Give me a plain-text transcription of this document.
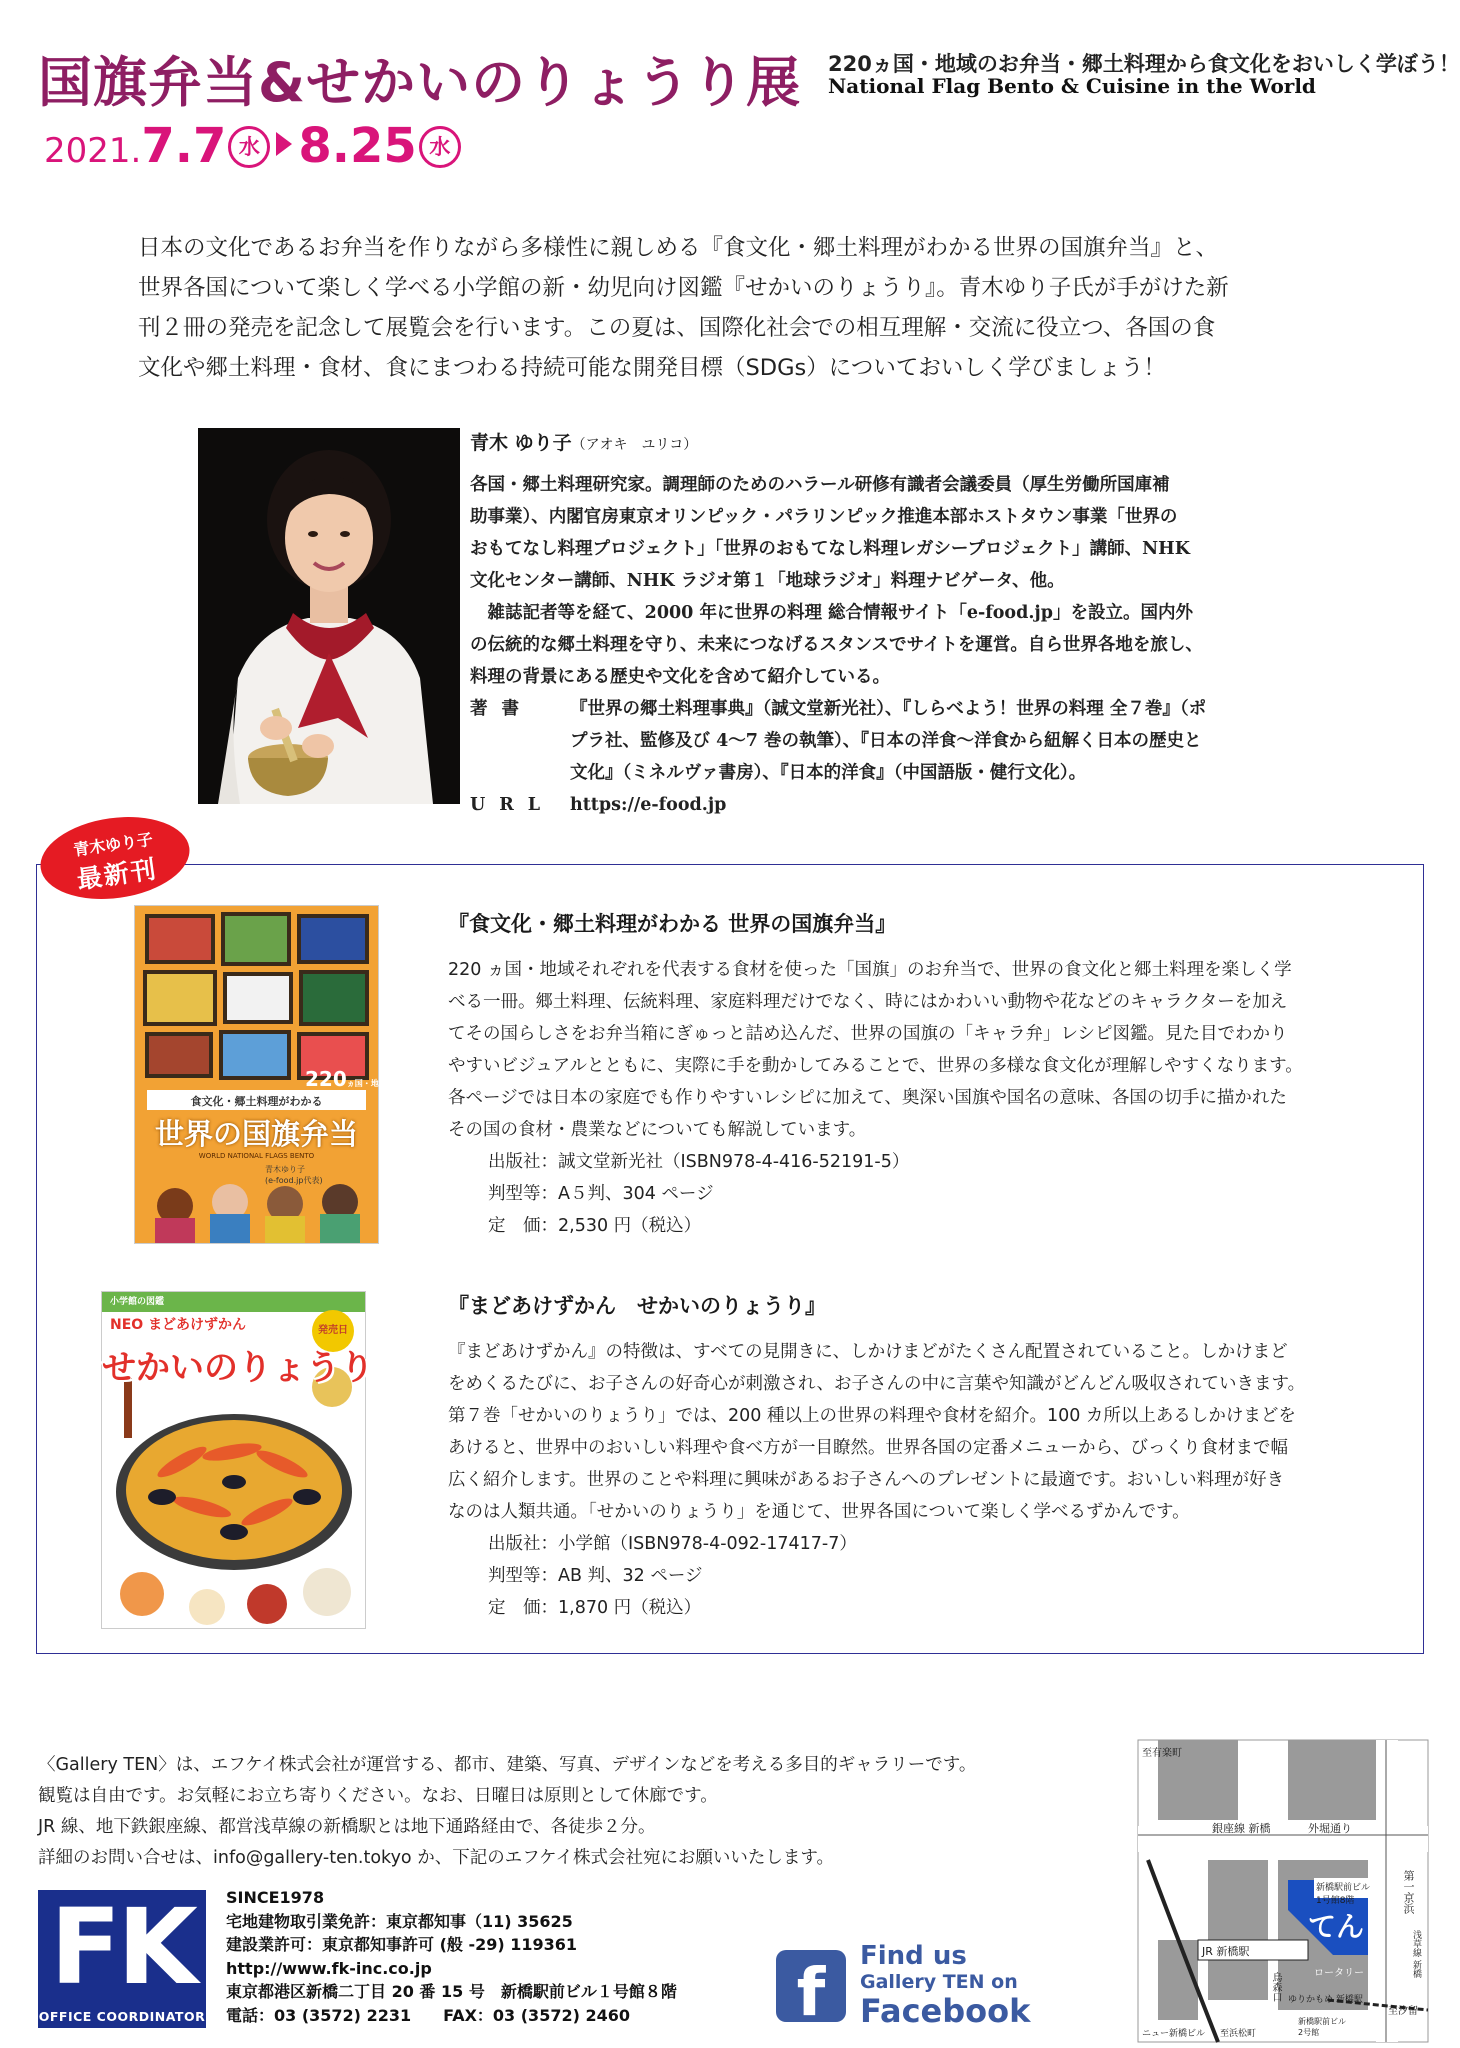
国旗弁当&せかいのりょうり展 220ヵ国・地域のお弁当・郷土料理から食文化をおいしく学ぼう！
National Flag Bento & Cuisine in the World
2021.7.7 水 8.25 水

日本の文化であるお弁当を作りながら多様性に親しめる『食文化・郷土料理がわかる世界の国旗弁当』と、

世界各国について楽しく学べる小学館の新・幼児向け図鑑『せかいのりょうり』。青木ゆり子氏が手がけた新

刊２冊の発売を記念して展覧会を行います。この夏は、国際化社会での相互理解・交流に役立つ、各国の食

文化や郷土料理・食材、食にまつわる持続可能な開発目標（SDGs）についておいしく学びましょう！

青木 ゆり子（アオキ　ユリコ）
各国・郷土料理研究家。調理師のためのハラール研修有識者会議委員（厚生労働所国庫補
助事業）、内閣官房東京オリンピック・パラリンピック推進本部ホストタウン事業「世界の
おもてなし料理プロジェクト」「世界のおもてなし料理レガシープロジェクト」講師、NHK
文化センター講師、NHK ラジオ第１「地球ラジオ」料理ナビゲータ、他。
　雑誌記者等を経て、2000 年に世界の料理 総合情報サイト「e-food.jp」を設立。国内外
の伝統的な郷土料理を守り、未来につなげるスタンスでサイトを運営。自ら世界各地を旅し、
料理の背景にある歴史や文化を含めて紹介している。
著書	『世界の郷土料理事典』（誠文堂新光社）、『しらべよう！世界の料理 全７巻』（ポ
プラ社、監修及び 4～7 巻の執筆）、『日本の洋食～洋食から紐解く日本の歴史と
文化』（ミネルヴァ書房）、『日本的洋食』（中国語版・健行文化）。
URL https://e-food.jp
青木ゆり子
最新刊
220ヵ国・地域
食文化・郷土料理がわかる
世界の国旗弁当
WORLD NATIONAL FLAGS BENTO
青木ゆり子
(e-food.jp代表)
小学館の図鑑
NEO まどあけずかん	発売日
せかいのりょうり
『食文化・郷土料理がわかる 世界の国旗弁当』
220 ヵ国・地域それぞれを代表する食材を使った「国旗」のお弁当で、世界の食文化と郷土料理を楽しく学
べる一冊。郷土料理、伝統料理、家庭料理だけでなく、時にはかわいい動物や花などのキャラクターを加え
てその国らしさをお弁当箱にぎゅっと詰め込んだ、世界の国旗の「キャラ弁」レシピ図鑑。見た目でわかり
やすいビジュアルとともに、実際に手を動かしてみることで、世界の多様な食文化が理解しやすくなります。
各ページでは日本の家庭でも作りやすいレシピに加えて、奥深い国旗や国名の意味、各国の切手に描かれた
その国の食材・農業などについても解説しています。
出版社：誠文堂新光社（ISBN978-4-416-52191-5）
判型等：A５判、304 ページ
定　価：2,530 円（税込）
『まどあけずかん　せかいのりょうり』
『まどあけずかん』の特徴は、すべての見開きに、しかけまどがたくさん配置されていること。しかけまど
をめくるたびに、お子さんの好奇心が刺激され、お子さんの中に言葉や知識がどんどん吸収されていきます。
第７巻「せかいのりょうり」では、200 種以上の世界の料理や食材を紹介。100 カ所以上あるしかけまどを
あけると、世界中のおいしい料理や食べ方が一目瞭然。世界各国の定番メニューから、びっくり食材まで幅
広く紹介します。世界のことや料理に興味があるお子さんへのプレゼントに最適です。おいしい料理が好き
なのは人類共通。「せかいのりょうり」を通じて、世界各国について楽しく学べるずかんです。
出版社：小学館（ISBN978-4-092-17417-7）
判型等：AB 判、32 ページ
定　価：1,870 円（税込）

〈Gallery TEN〉は、エフケイ株式会社が運営する、都市、建築、写真、デザインなどを考える多目的ギャラリーです。

観覧は自由です。お気軽にお立ち寄りください。なお、日曜日は原則として休廊です。

JR 線、地下鉄銀座線、都営浅草線の新橋駅とは地下通路経由で、各徒歩２分。

詳細のお問い合せは、info@gallery-ten.tokyo か、下記のエフケイ株式会社宛にお願いいたします。

FK
OFFICE COORDINATOR

SINCE1978

宅地建物取引業免許：東京都知事（11) 35625

建設業許可：東京都知事許可 (般 -29) 119361

http://www.fk-inc.co.jp

東京都港区新橋二丁目 20 番 15 号　新橋駅前ビル１号館８階

電話：03 (3572) 2231　　FAX：03 (3572) 2460	f	Find us
Gallery TEN on
Facebook
てん
銀座線 新橋	外堀通り
至有楽町
第一京浜
新橋駅前ビル
1号館8階
ロータリー
JR 新橋駅
烏森口 ゆりかもめ 新橋駅
至汐留
浅草線 新橋
ニュー新橋ビル 至浜松町
新橋駅前ビル
2号館
